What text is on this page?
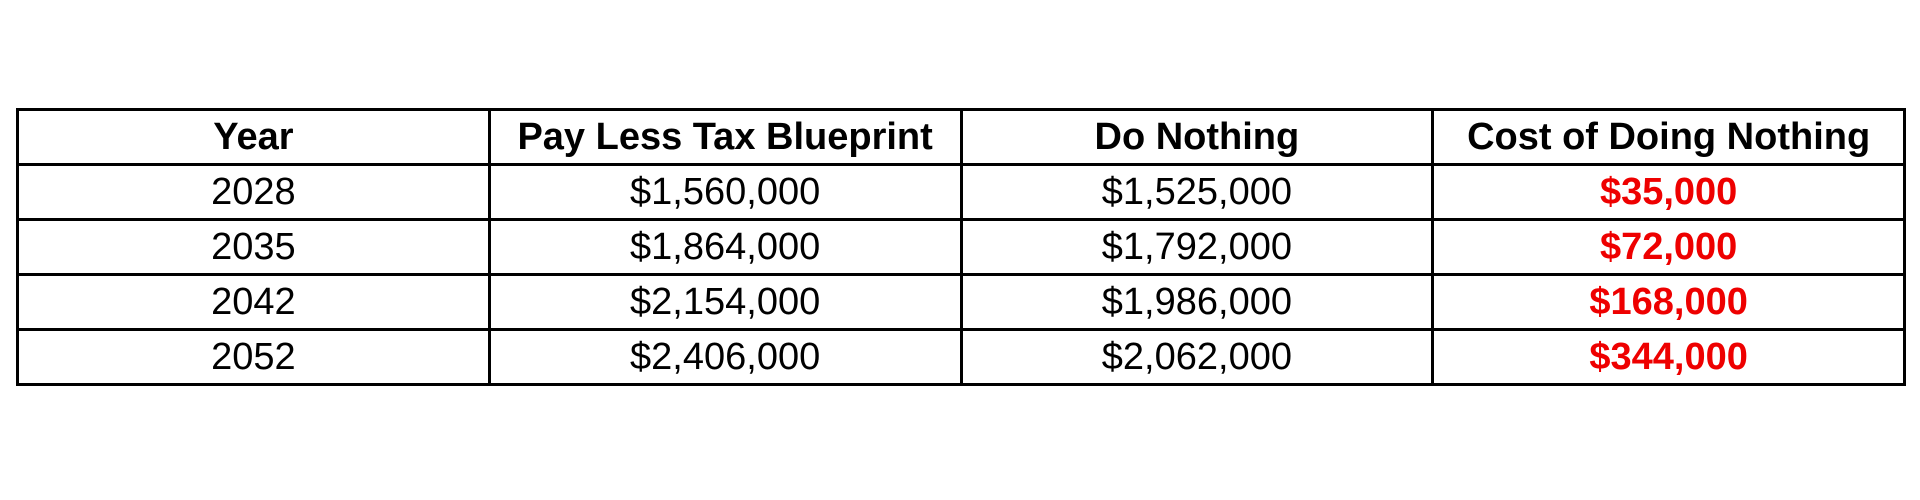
Year	Pay Less Tax Blueprint	Do Nothing	Cost of Doing Nothing
2028	$1,560,000	$1,525,000	$35,000
2035	$1,864,000	$1,792,000	$72,000
2042	$2,154,000	$1,986,000	$168,000
2052	$2,406,000	$2,062,000	$344,000
